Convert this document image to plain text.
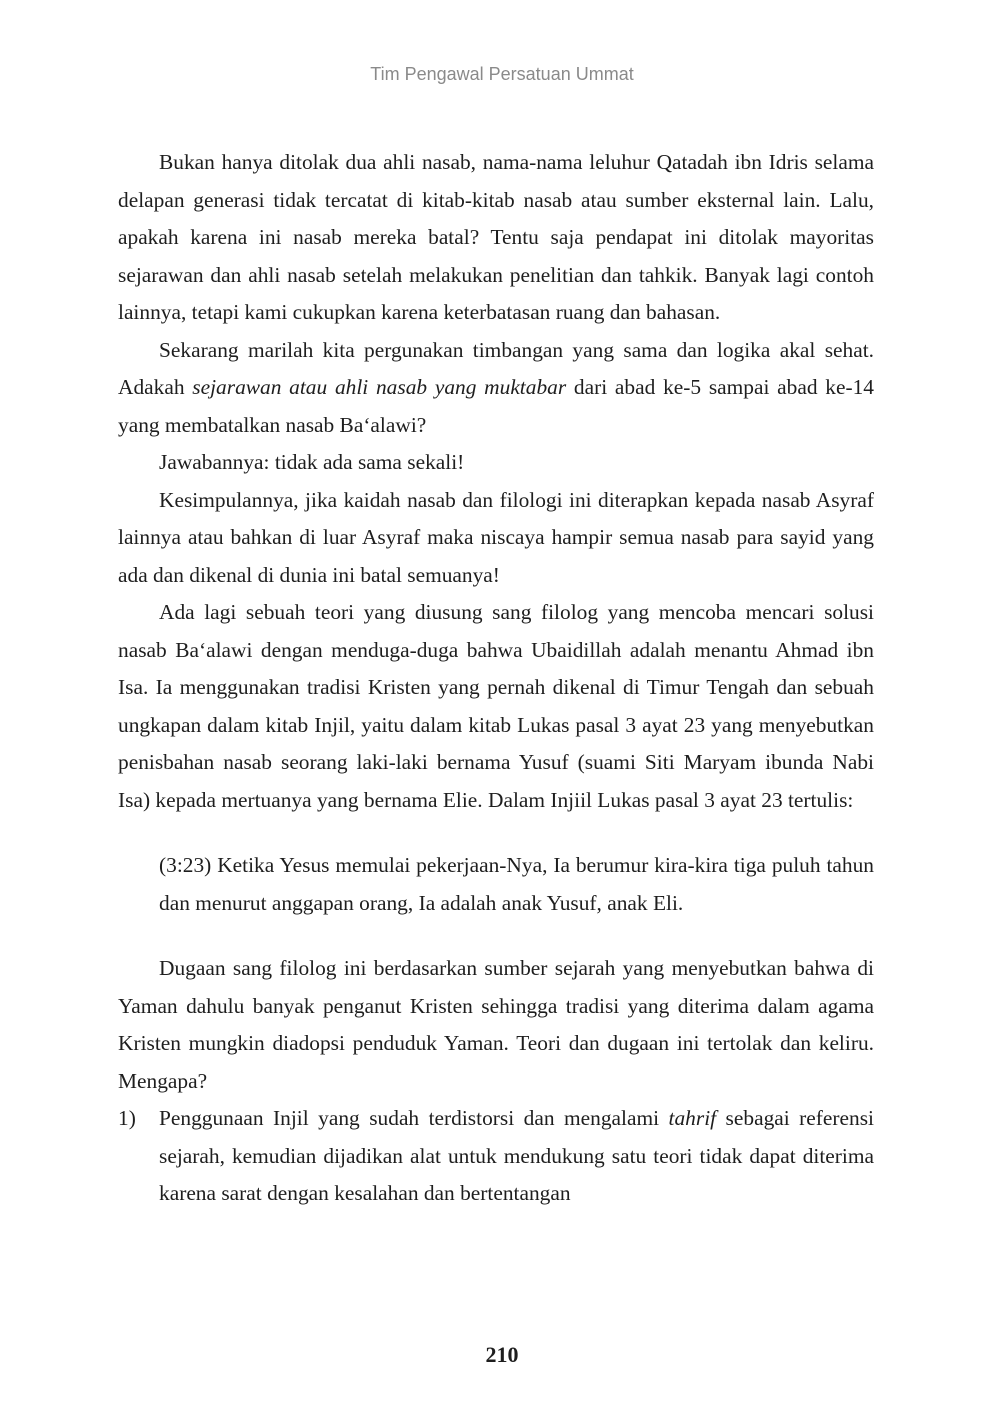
Tim Pengawal Persatuan Ummat

Bukan hanya ditolak dua ahli nasab, nama-nama leluhur Qatadah ibn Idris selama delapan generasi tidak tercatat di kitab-kitab nasab atau sumber eksternal lain. Lalu, apakah karena ini nasab mereka batal? Tentu saja pendapat ini ditolak mayoritas sejarawan dan ahli nasab setelah melakukan penelitian dan tahkik. Banyak lagi contoh lainnya, tetapi kami cukupkan karena keterbatasan ruang dan bahasan.

Sekarang marilah kita pergunakan timbangan yang sama dan logika akal sehat. Adakah sejarawan atau ahli nasab yang muktabar dari abad ke-5 sampai abad ke-14 yang membatalkan nasab Ba‘alawi?

Jawabannya: tidak ada sama sekali!

Kesimpulannya, jika kaidah nasab dan filologi ini diterapkan kepada nasab Asyraf lainnya atau bahkan di luar Asyraf maka niscaya hampir semua nasab para sayid yang ada dan dikenal di dunia ini batal semuanya!

Ada lagi sebuah teori yang diusung sang filolog yang mencoba mencari solusi nasab Ba‘alawi dengan menduga-duga bahwa Ubaidillah adalah menantu Ahmad ibn Isa. Ia menggunakan tradisi Kristen yang pernah dikenal di Timur Tengah dan sebuah ungkapan dalam kitab Injil, yaitu dalam kitab Lukas pasal 3 ayat 23 yang menyebutkan penisbahan nasab seorang laki-laki bernama Yusuf (suami Siti Maryam ibunda Nabi Isa) kepada mertuanya yang bernama Elie. Dalam Injiil Lukas pasal 3 ayat 23 tertulis:

(3:23) Ketika Yesus memulai pekerjaan-Nya, Ia berumur kira-kira tiga puluh tahun dan menurut anggapan orang, Ia adalah anak Yusuf, anak Eli.

Dugaan sang filolog ini berdasarkan sumber sejarah yang menyebutkan bahwa di Yaman dahulu banyak penganut Kristen sehingga tradisi yang diterima dalam agama Kristen mungkin diadopsi penduduk Yaman. Teori dan dugaan ini tertolak dan keliru. Mengapa?

1)	Penggunaan Injil yang sudah terdistorsi dan mengalami tahrif sebagai referensi sejarah, kemudian dijadikan alat untuk mendukung satu teori tidak dapat diterima karena sarat dengan kesalahan dan bertentangan
210
